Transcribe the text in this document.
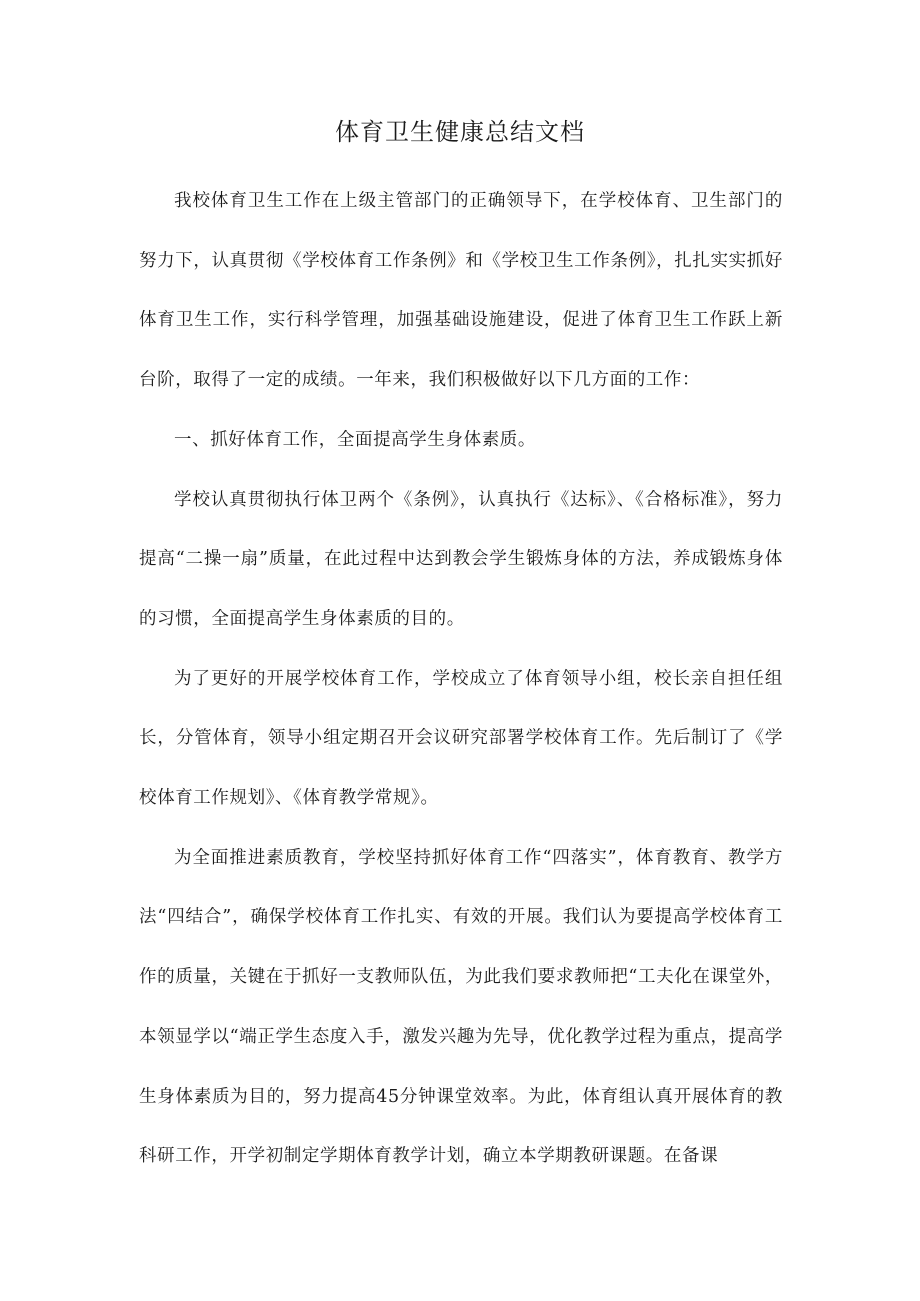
体育卫生健康总结文档

我校体育卫生工作在上级主管部门的正确领导下，在学校体育、卫生部门的努力下，认真贯彻《学校体育工作条例》和《学校卫生工作条例》，扎扎实实抓好体育卫生工作，实行科学管理，加强基础设施建设，促进了体育卫生工作跃上新台阶，取得了一定的成绩。一年来，我们积极做好以下几方面的工作：

一、抓好体育工作，全面提高学生身体素质。

学校认真贯彻执行体卫两个《条例》，认真执行《达标》、《合格标准》，努力提高“二操一扇”质量，在此过程中达到教会学生锻炼身体的方法，养成锻炼身体的习惯，全面提高学生身体素质的目的。

为了更好的开展学校体育工作，学校成立了体育领导小组，校长亲自担任组长，分管体育，领导小组定期召开会议研究部署学校体育工作。先后制订了《学校体育工作规划》、《体育教学常规》。

为全面推进素质教育，学校坚持抓好体育工作“四落实”，体育教育、教学方法“四结合”，确保学校体育工作扎实、有效的开展。我们认为要提高学校体育工作的质量，关键在于抓好一支教师队伍，为此我们要求教师把“工夫化在课堂外，本领显学以“端正学生态度入手，激发兴趣为先导，优化教学过程为重点，提高学生身体素质为目的，努力提高45分钟课堂效率。为此，体育组认真开展体育的教科研工作，开学初制定学期体育教学计划，确立本学期教研课题。在备课
